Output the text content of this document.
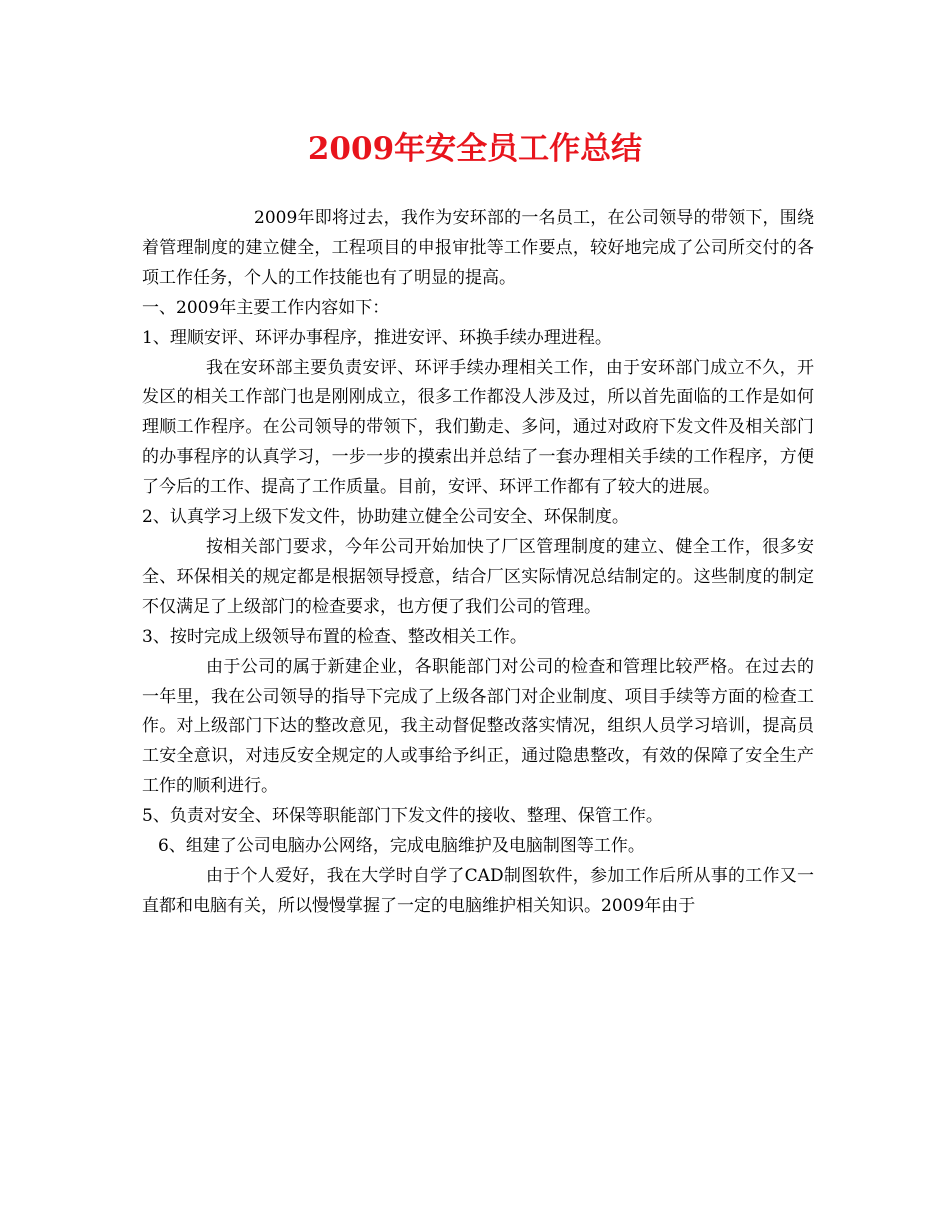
2009年安全员工作总结

2009年即将过去，我作为安环部的一名员工，在公司领导的带领下，围绕着管理制度的建立健全，工程项目的申报审批等工作要点，较好地完成了公司所交付的各项工作任务，个人的工作技能也有了明显的提高。

一、2009年主要工作内容如下：

1、理顺安评、环评办事程序，推进安评、环换手续办理进程。

我在安环部主要负责安评、环评手续办理相关工作，由于安环部门成立不久，开发区的相关工作部门也是刚刚成立，很多工作都没人涉及过，所以首先面临的工作是如何理顺工作程序。在公司领导的带领下，我们勤走、多问，通过对政府下发文件及相关部门的办事程序的认真学习，一步一步的摸索出并总结了一套办理相关手续的工作程序，方便了今后的工作、提高了工作质量。目前，安评、环评工作都有了较大的进展。

2、认真学习上级下发文件，协助建立健全公司安全、环保制度。

按相关部门要求，今年公司开始加快了厂区管理制度的建立、健全工作，很多安全、环保相关的规定都是根据领导授意，结合厂区实际情况总结制定的。这些制度的制定不仅满足了上级部门的检查要求，也方便了我们公司的管理。

3、按时完成上级领导布置的检查、整改相关工作。

由于公司的属于新建企业，各职能部门对公司的检查和管理比较严格。在过去的一年里，我在公司领导的指导下完成了上级各部门对企业制度、项目手续等方面的检查工作。对上级部门下达的整改意见，我主动督促整改落实情况，组织人员学习培训，提高员工安全意识，对违反安全规定的人或事给予纠正，通过隐患整改，有效的保障了安全生产工作的顺利进行。

5、负责对安全、环保等职能部门下发文件的接收、整理、保管工作。

6、组建了公司电脑办公网络，完成电脑维护及电脑制图等工作。

由于个人爱好，我在大学时自学了CAD制图软件，参加工作后所从事的工作又一直都和电脑有关，所以慢慢掌握了一定的电脑维护相关知识。2009年由于
